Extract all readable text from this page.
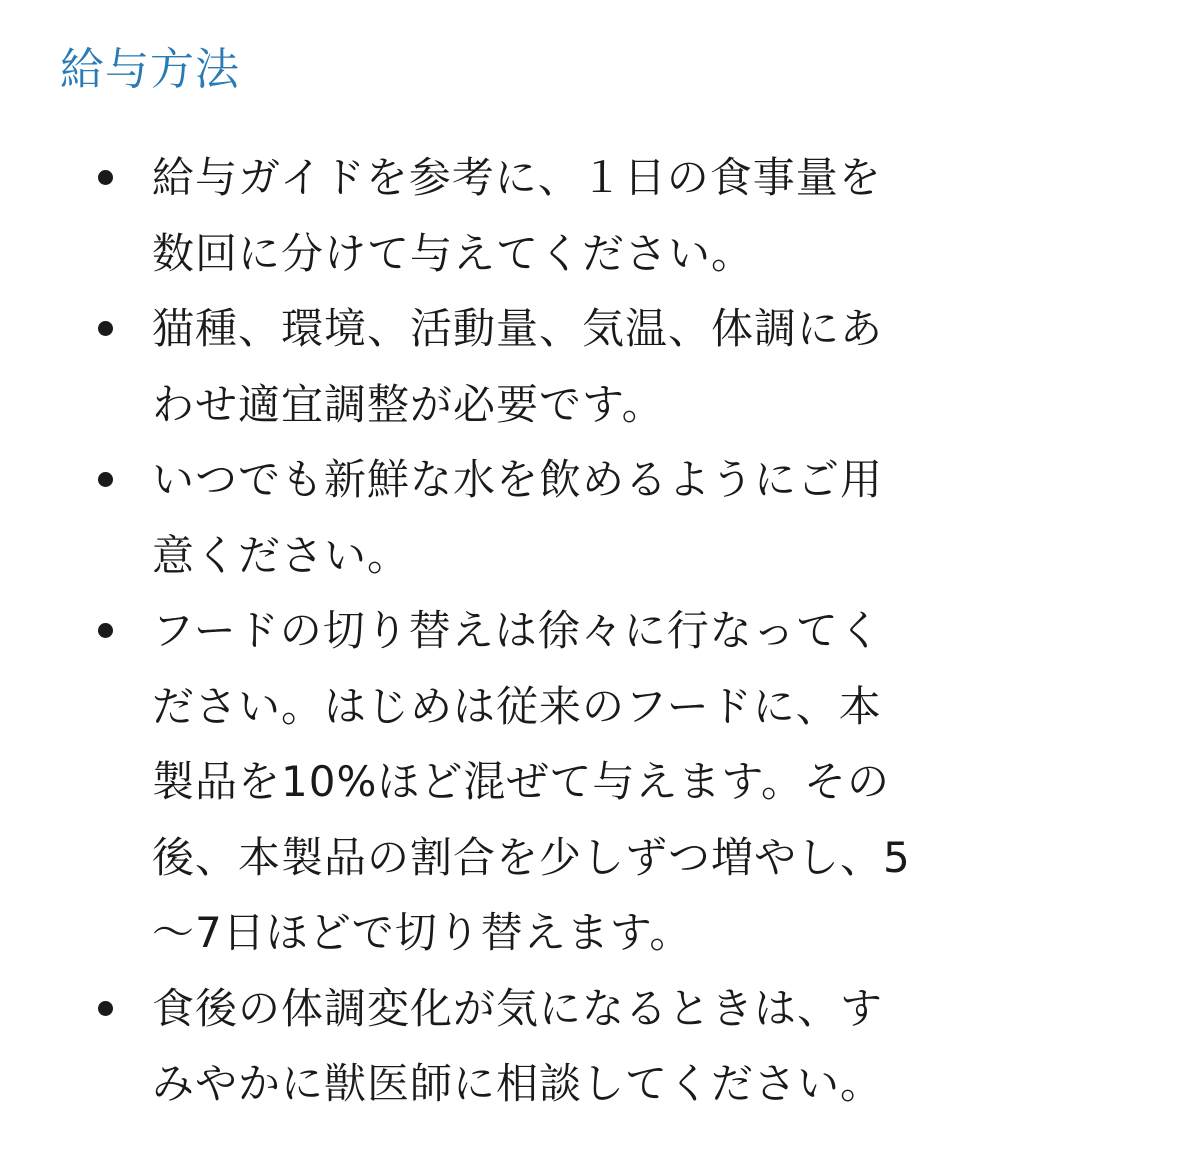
給与方法
給与ガイドを参考に、１日の食事量を
数回に分けて与えてください。
猫種、環境、活動量、気温、体調にあ
わせ適宜調整が必要です。
いつでも新鮮な水を飲めるようにご用
意ください。
フードの切り替えは徐々に行なってく
ださい。はじめは従来のフードに、本
製品を10%ほど混ぜて与えます。その
後、本製品の割合を少しずつ増やし、5
〜7日ほどで切り替えます。
食後の体調変化が気になるときは、す
みやかに獣医師に相談してください。
